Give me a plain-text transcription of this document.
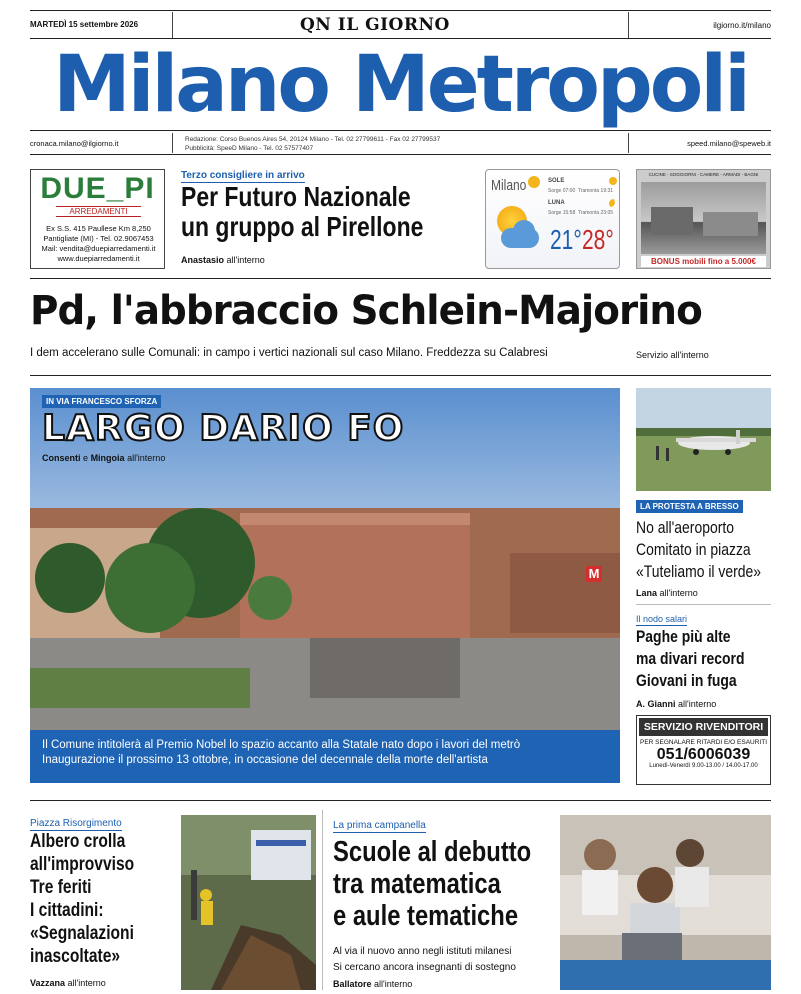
MARTEDÌ 15 settembre 2026	QN IL GIORNO	ilgiorno.it/milano
Milano Metropoli
cronaca.milano@ilgiorno.it	Redazione: Corso Buenos Aires 54, 20124 Milano - Tel. 02 27799611 - Fax 02 27799537
Pubblicità: SpeeD Milano - Tel. 02 57577407
speed.milano@speweb.it
DUE_PI
ARREDAMENTI
Ex S.S. 415 Paullese Km 8,250
Pantigliate (MI) - Tel. 02.9067453
Mail: vendita@duepiarredamenti.it
www.duepiarredamenti.it
Terzo consigliere in arrivo
Per Futuro Nazionale
un gruppo al Pirellone
Anastasio all'interno
Milano	SOLE
Sorge 07:00 Tramonta 19:31
LUNA
Sorge 15:58 Tramonta 23:05
21° 28°
CUCINE - SOGGIORNI - CAMERE - ARMADI - BAGNI
BONUS mobili fino a 5.000€
Pd, l'abbraccio Schlein-Majorino
I dem accelerano sulle Comunali: in campo i vertici nazionali sul caso Milano. Freddezza su Calabresi	Servizio all'interno
M
IN VIA FRANCESCO SFORZA
LARGO DARIO FO
Consenti e Mingoia all'interno
Il Comune intitolerà al Premio Nobel lo spazio accanto alla Statale nato dopo i lavori del metrò
Inaugurazione il prossimo 13 ottobre, in occasione del decennale della morte dell'artista
LA PROTESTA A BRESSO
No all'aeroporto
Comitato in piazza
«Tuteliamo il verde»
Lana all'interno
Il nodo salari
Paghe più alte
ma divari record
Giovani in fuga
A. Gianni all'interno
SERVIZIO RIVENDITORI
PER SEGNALARE RITARDI E/O ESAURITI
051/6006039
Lunedì-Venerdì 9.00-13.00 / 14.00-17.00
Piazza Risorgimento
Albero crolla
all'improvviso
Tre feriti
I cittadini:
«Segnalazioni
inascoltate»
Vazzana all'interno
La prima campanella
Scuole al debutto
tra matematica
e aule tematiche
Al via il nuovo anno negli istituti milanesi
Si cercano ancora insegnanti di sostegno
Ballatore all'interno
